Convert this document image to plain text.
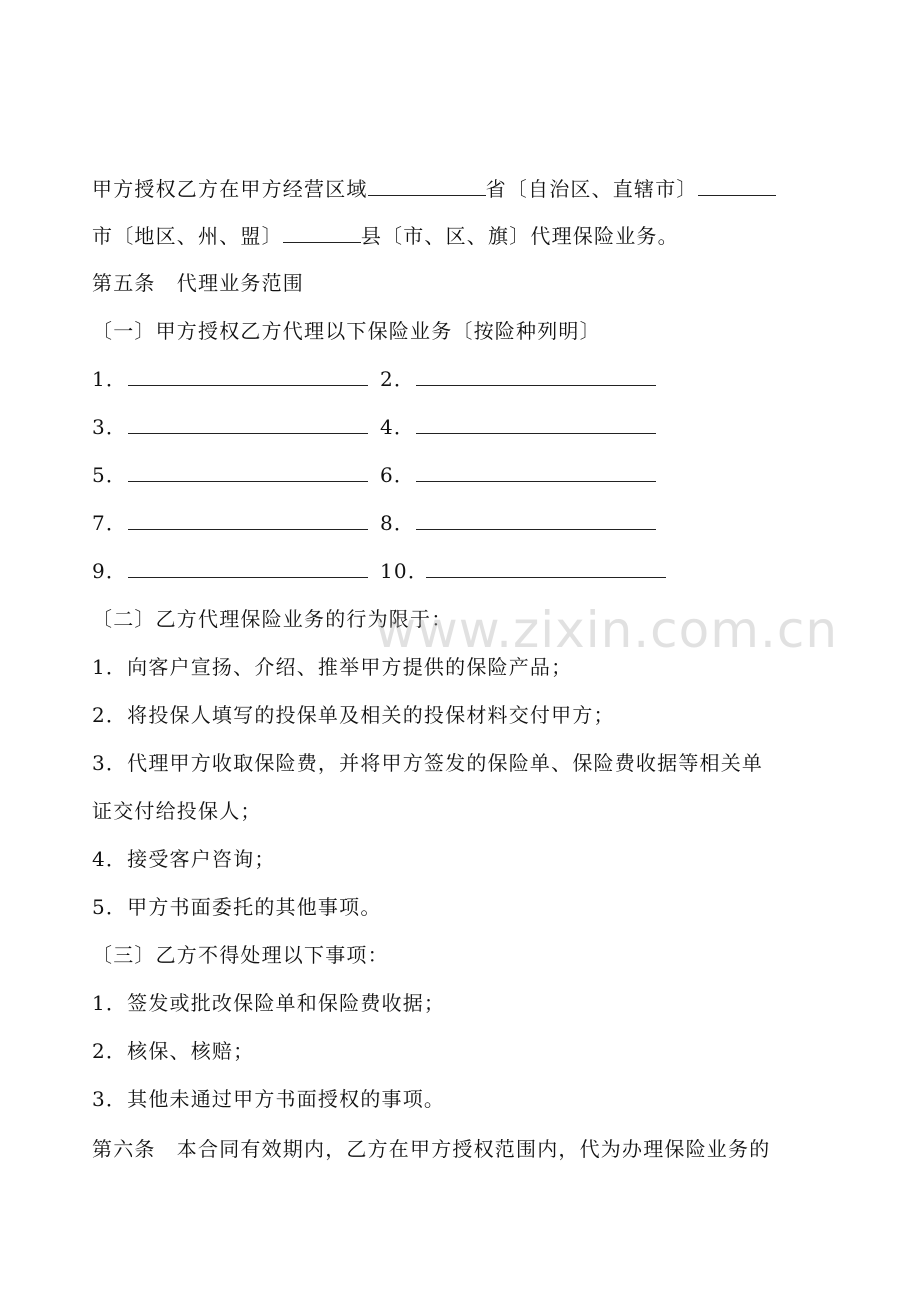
甲方授权乙方在甲方经营区域	省〔自治区、直辖市〕
市〔地区、州、盟〕	县〔市、区、旗〕代理保险业务。
第五条　代理业务范围
〔一〕甲方授权乙方代理以下保险业务〔按险种列明〕
1．	2．
3．	4．
5．	6．
7．	8．
9．	10．
〔二〕乙方代理保险业务的行为限于：
1．向客户宣扬、介绍、推举甲方提供的保险产品；
2．将投保人填写的投保单及相关的投保材料交付甲方；
3．代理甲方收取保险费，并将甲方签发的保险单、保险费收据等相关单
证交付给投保人；
4．接受客户咨询；
5．甲方书面委托的其他事项。
〔三〕乙方不得处理以下事项：
1．签发或批改保险单和保险费收据；
2．核保、核赔；
3．其他未通过甲方书面授权的事项。
第六条　本合同有效期内，乙方在甲方授权范围内，代为办理保险业务的
www.zixin.com.cn
